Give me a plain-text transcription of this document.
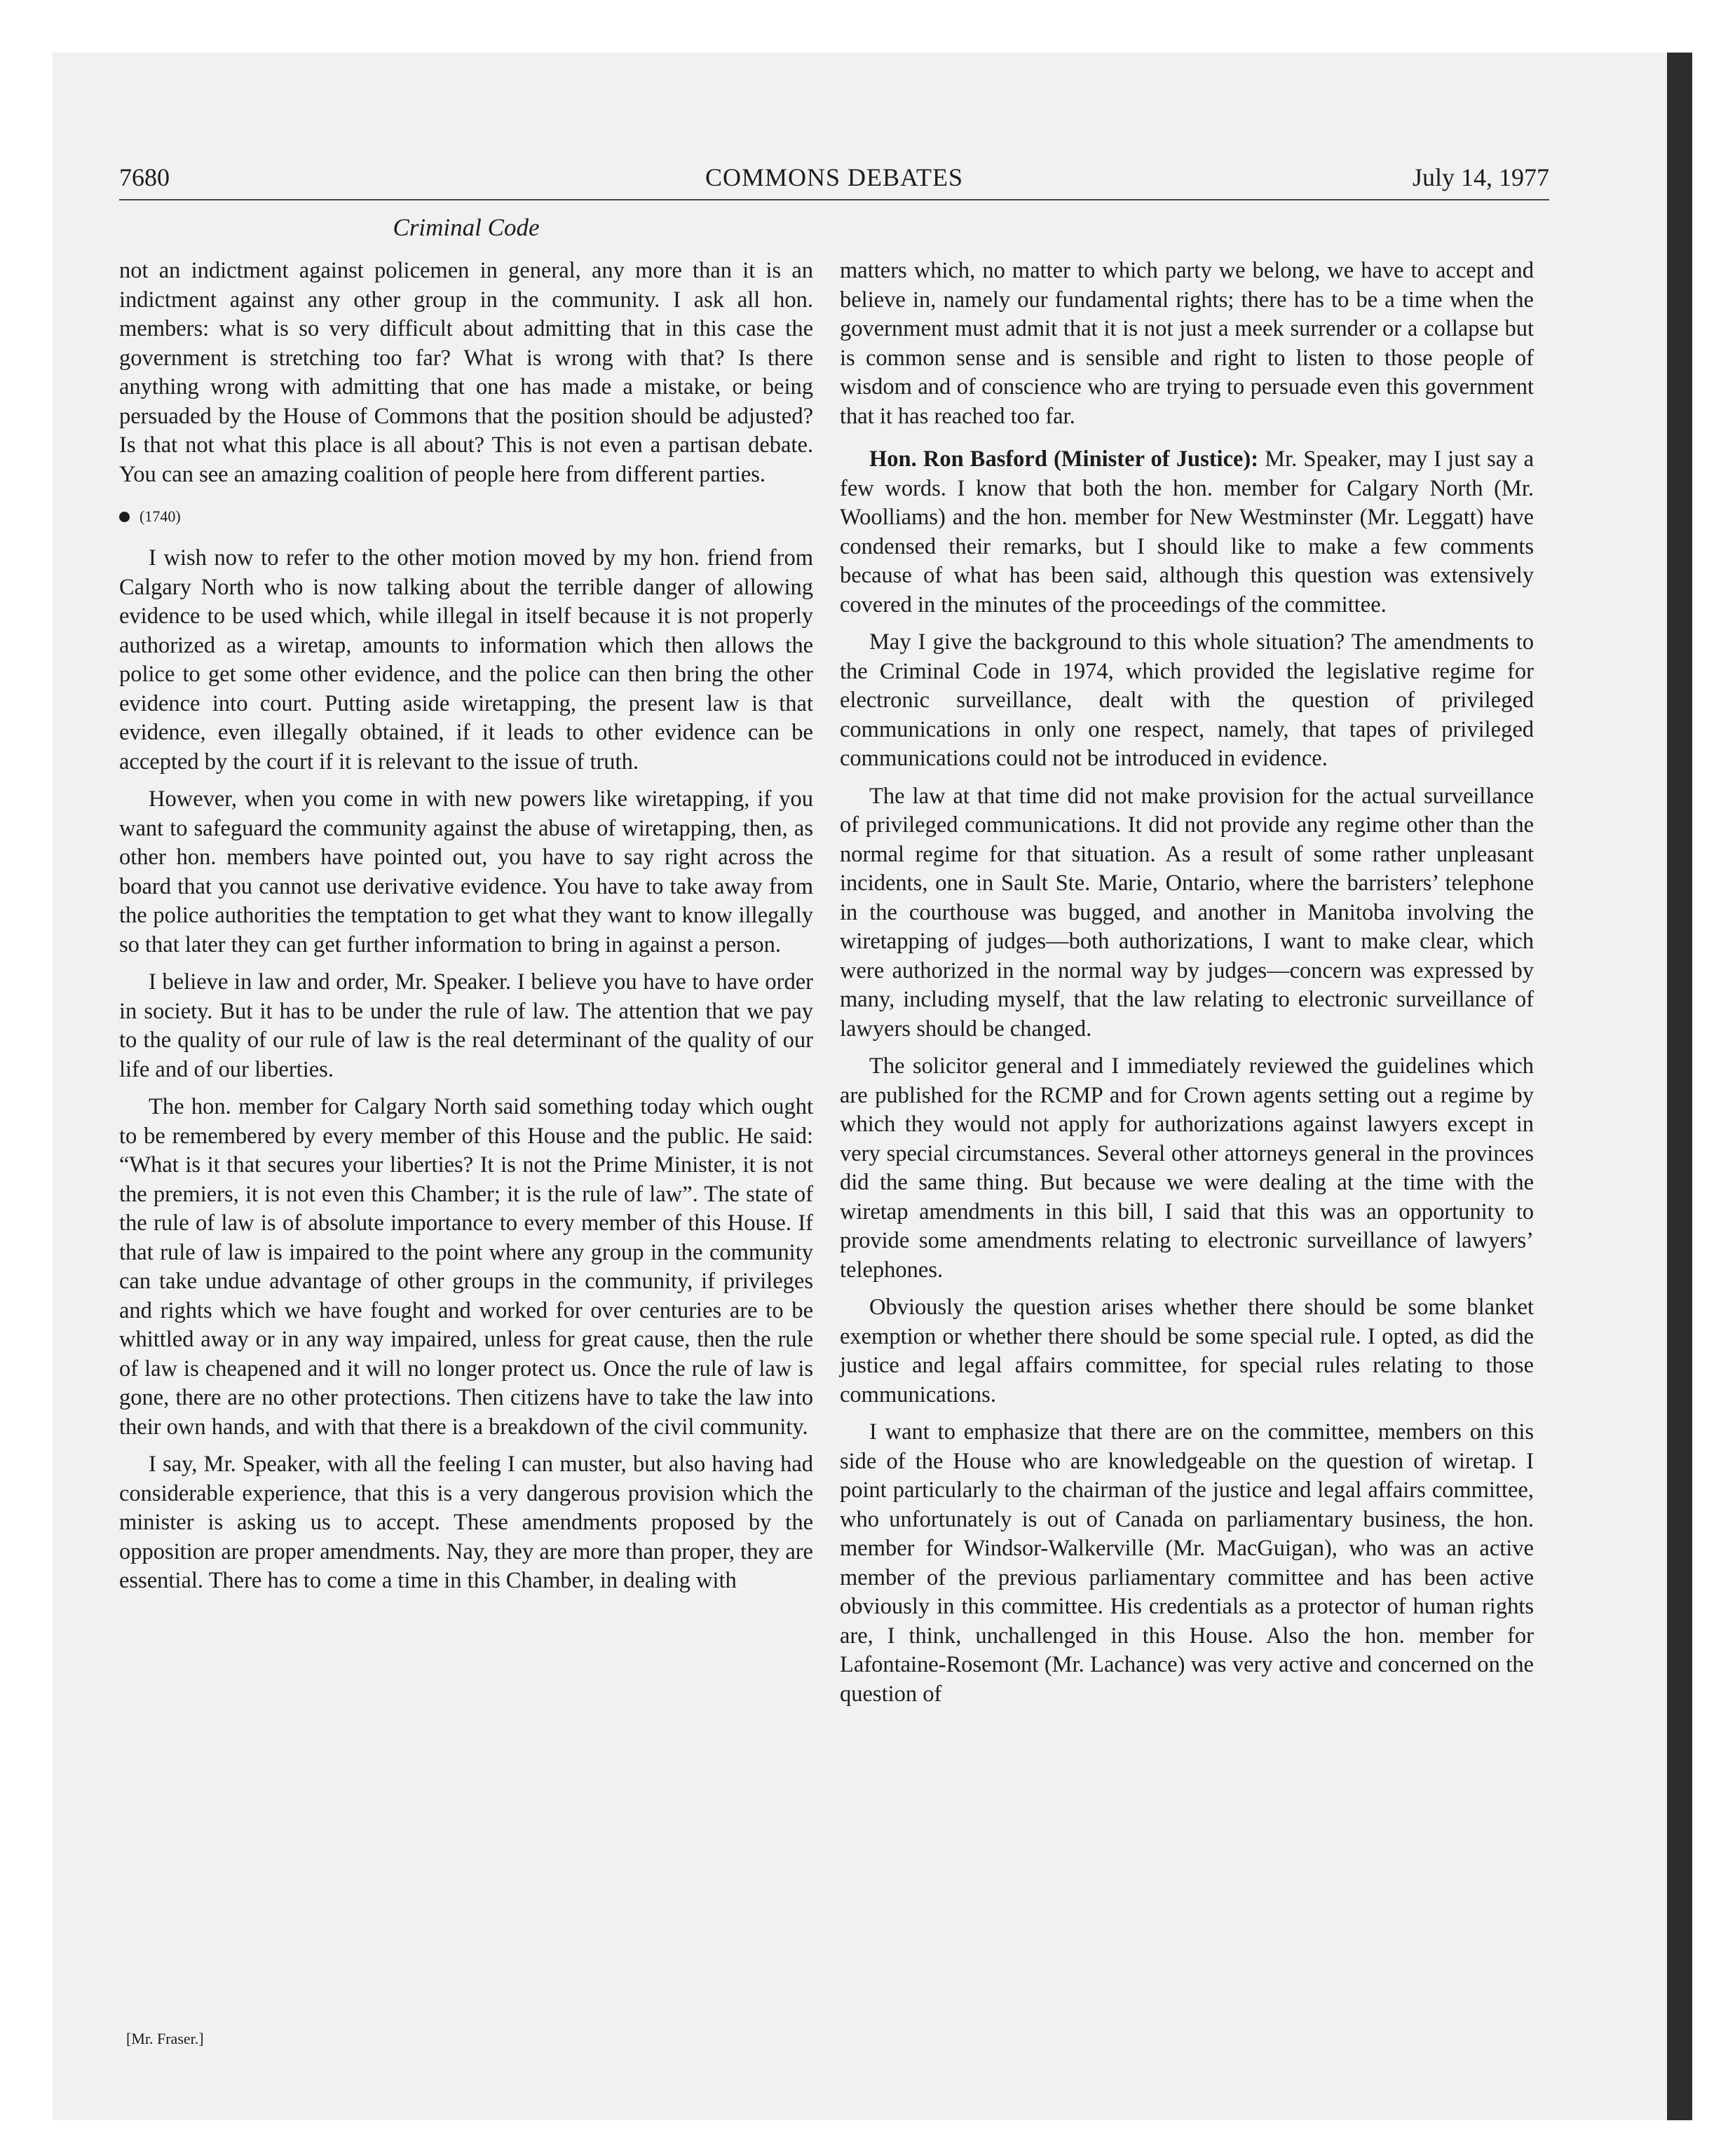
COMMONS DEBATES
7680	July 14, 1977
Criminal Code

not an indictment against policemen in general, any more than it is an indictment against any other group in the community. I ask all hon. members: what is so very difficult about admitting that in this case the government is stretching too far? What is wrong with that? Is there anything wrong with admitting that one has made a mistake, or being persuaded by the House of Commons that the position should be adjusted? Is that not what this place is all about? This is not even a partisan debate. You can see an amazing coalition of people here from different parties.

(1740)

I wish now to refer to the other motion moved by my hon. friend from Calgary North who is now talking about the terrible danger of allowing evidence to be used which, while illegal in itself because it is not properly authorized as a wiretap, amounts to information which then allows the police to get some other evidence, and the police can then bring the other evidence into court. Putting aside wiretapping, the present law is that evidence, even illegally obtained, if it leads to other evidence can be accepted by the court if it is relevant to the issue of truth.

However, when you come in with new powers like wiretapping, if you want to safeguard the community against the abuse of wiretapping, then, as other hon. members have pointed out, you have to say right across the board that you cannot use derivative evidence. You have to take away from the police authorities the temptation to get what they want to know illegally so that later they can get further information to bring in against a person.

I believe in law and order, Mr. Speaker. I believe you have to have order in society. But it has to be under the rule of law. The attention that we pay to the quality of our rule of law is the real determinant of the quality of our life and of our liberties.

The hon. member for Calgary North said something today which ought to be remembered by every member of this House and the public. He said: “What is it that secures your liberties? It is not the Prime Minister, it is not the premiers, it is not even this Chamber; it is the rule of law”. The state of the rule of law is of absolute importance to every member of this House. If that rule of law is impaired to the point where any group in the community can take undue advantage of other groups in the community, if privileges and rights which we have fought and worked for over centuries are to be whittled away or in any way impaired, unless for great cause, then the rule of law is cheapened and it will no longer protect us. Once the rule of law is gone, there are no other protections. Then citizens have to take the law into their own hands, and with that there is a breakdown of the civil community.

I say, Mr. Speaker, with all the feeling I can muster, but also having had considerable experience, that this is a very dangerous provision which the minister is asking us to accept. These amendments proposed by the opposition are proper amendments. Nay, they are more than proper, they are essential. There has to come a time in this Chamber, in dealing with

[Mr. Fraser.]

matters which, no matter to which party we belong, we have to accept and believe in, namely our fundamental rights; there has to be a time when the government must admit that it is not just a meek surrender or a collapse but is common sense and is sensible and right to listen to those people of wisdom and of conscience who are trying to persuade even this government that it has reached too far.

Hon. Ron Basford (Minister of Justice): Mr. Speaker, may I just say a few words. I know that both the hon. member for Calgary North (Mr. Woolliams) and the hon. member for New Westminster (Mr. Leggatt) have condensed their remarks, but I should like to make a few comments because of what has been said, although this question was extensively covered in the minutes of the proceedings of the committee.

May I give the background to this whole situation? The amendments to the Criminal Code in 1974, which provided the legislative regime for electronic surveillance, dealt with the question of privileged communications in only one respect, namely, that tapes of privileged communications could not be introduced in evidence.

The law at that time did not make provision for the actual surveillance of privileged communications. It did not provide any regime other than the normal regime for that situation. As a result of some rather unpleasant incidents, one in Sault Ste. Marie, Ontario, where the barristers’ telephone in the courthouse was bugged, and another in Manitoba involving the wiretapping of judges—both authorizations, I want to make clear, which were authorized in the normal way by judges—concern was expressed by many, including myself, that the law relating to electronic surveillance of lawyers should be changed.

The solicitor general and I immediately reviewed the guidelines which are published for the RCMP and for Crown agents setting out a regime by which they would not apply for authorizations against lawyers except in very special circumstances. Several other attorneys general in the provinces did the same thing. But because we were dealing at the time with the wiretap amendments in this bill, I said that this was an opportunity to provide some amendments relating to electronic surveillance of lawyers’ telephones.

Obviously the question arises whether there should be some blanket exemption or whether there should be some special rule. I opted, as did the justice and legal affairs committee, for special rules relating to those communications.

I want to emphasize that there are on the committee, members on this side of the House who are knowledgeable on the question of wiretap. I point particularly to the chairman of the justice and legal affairs committee, who unfortunately is out of Canada on parliamentary business, the hon. member for Windsor-Walkerville (Mr. MacGuigan), who was an active member of the previous parliamentary committee and has been active obviously in this committee. His credentials as a protector of human rights are, I think, unchallenged in this House. Also the hon. member for Lafontaine-Rosemont (Mr. Lachance) was very active and concerned on the question of
